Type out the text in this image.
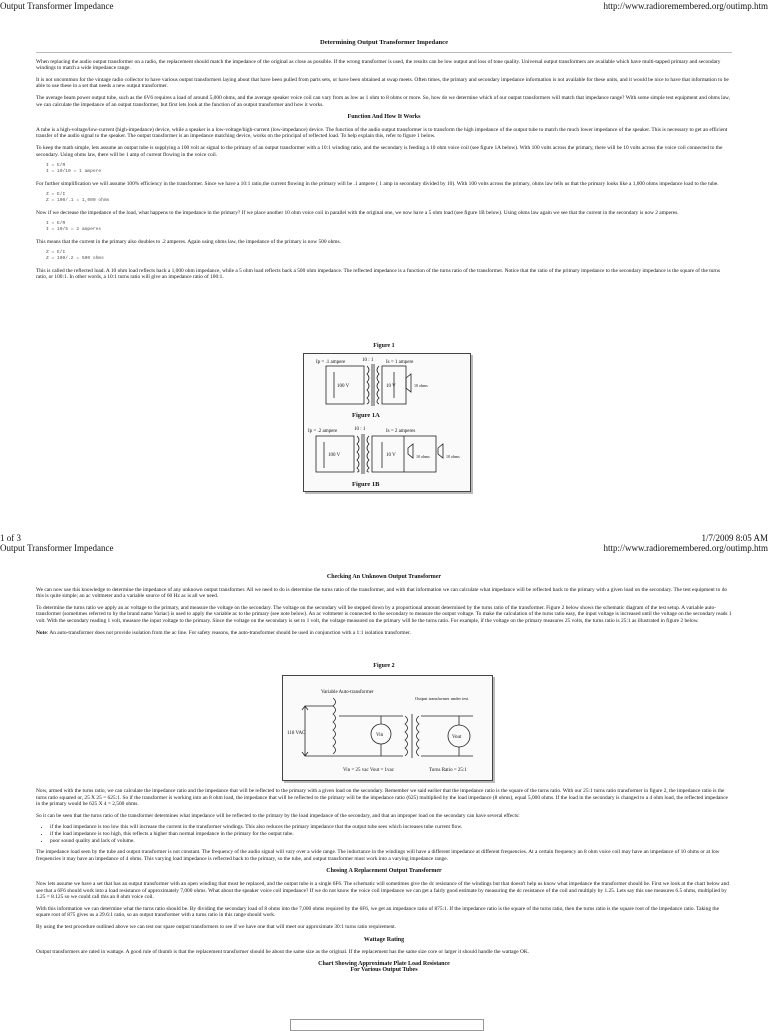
Output Transformer Impedance	http://www.radioremembered.org/outimp.htm
Determining Output Transformer Impedance

When replacing the audio output transformer on a radio, the replacement should match the impedance of the original as close as possible. If the wrong transformer is used, the results can be low output and loss of tone quality. Universal output transformers are available which have multi-tapped primary and secondary windings to match a wide impedance range.

It is not uncommon for the vintage radio collector to have various output transformers laying about that have been pulled from parts sets, or have been obtained at swap meets. Often times, the primary and secondary impedance information is not available for these units, and it would be nice to have that information to be able to use these in a set that needs a new output transformer.

The average beam power output tube, such as the 6V6 requires a load of around 5,000 ohms, and the average speaker voice coil can vary from as low as 1 ohm to 8 ohms or more. So, how do we determine which of our output transformers will match that impedance range? With some simple test equipment and ohms law, we can calculate the impedance of an output transformer, but first lets look at the function of an output transformer and how it works.

Function And How It Works

A tube is a high-voltage/low-current (high-impedance) device, while a speaker is a low-voltage/high-current (low-impedance) device. The function of the audio output transformer is to transform the high impedance of the output tube to match the much lower impedance of the speaker. This is necessary to get an efficient transfer of the audio signal to the speaker. The output transformer is an impedance matching device, works on the principal of reflected load. To help explain this, refer to figure 1 below.

To keep the math simple, lets assume an output tube is supplying a 100 volt ac signal to the primary of an output transformer with a 10:1 winding ratio, and the secondary is feeding a 10 ohm voice coil (see figure 1A below). With 100 volts across the primary, there will be 10 volts across the voice coil connected to the secondary. Using ohms law, there will be 1 amp of current flowing in the voice coil.

I = E/R
I = 10/10 = 1 ampere

For further simplification we will assume 100% efficiency in the transformer. Since we have a 10:1 ratio,the current flowing in the primary will be .1 ampere ( 1 amp in secondary divided by 10). With 100 volts across the primary, ohms law tells us that the primary looks like a 1,000 ohms impedance load to the tube.

Z = E/I
Z = 100/.1 = 1,000 ohms

Now if we decrease the impedance of the load, what happens to the impedance in the primary? If we place another 10 ohm voice coil in parallel with the original one, we now have a 5 ohm load (see figure 1B below). Using ohms law again we see that the current in the secondary is now 2 amperes.

I = E/R
I = 10/5 = 2 amperes

This means that the current in the primary also doubles to .2 amperes. Again using ohms law, the impedance of the primary is now 500 ohms.

Z = E/I
Z = 100/.2 = 500 ohms

This is called the reflected load. A 10 ohm load reflects back a 1,000 ohm impedance, while a 5 ohm load reflects back a 500 ohm impedance. The reflected impedance is a function of the turns ratio of the transformer. Notice that the ratio of the primary impedance to the secondary impedance is the square of the turns ratio, or 100:1. In other words, a 10:1 turns ratio will give an impedance ratio of 100:1.

Figure 1
Ip = .1 ampere	10 : 1	Is = 1 ampere
100 V	10 V	10 ohms
Figure 1A
Ip = .2 ampere	10 : 1	Is = 2 amperes
100 V	10 V	10 ohms	10 ohms
Figure 1B
1 of 3	1/7/2009 8:05 AM
Output Transformer Impedance	http://www.radioremembered.org/outimp.htm
Checking An Unknown Output Transformer

We can now use this knowledge to determine the impedance of any unknown output transformer. All we need to do is determine the turns ratio of the transformer, and with that information we can calculate what impedance will be reflected back to the primary with a given load on the secondary. The test equipment to do this is quite simple; an ac voltmeter and a variable source of 60 Hz ac is all we need.

To determine the turns ratio we apply an ac voltage to the primary, and measure the voltage on the secondary. The voltage on the secondary will be stepped down by a proportional amount determined by the turns ratio of the transformer. Figure 2 below shows the schematic diagram of the test setup. A variable auto-transformer (sometimes referred to by the brand name Variac) is used to apply the variable ac to the primary (see note below). An ac voltmeter is connected to the secondary to measure the output voltage. To make the calculation of the turns ratio easy, the input voltage is increased until the voltage on the secondary reads 1 volt. With the secondary reading 1 volt, measure the input voltage to the primary. Since the voltage on the secondary is set to 1 volt, the voltage measured on the primary will be the turns ratio. For example, if the voltage on the primary measures 25 volts, the turns ratio is 25:1 as illustrated in figure 2 below.

Note: An auto-transformer does not provide isolation from the ac line. For safety reasons, the auto-transformer should be used in conjunction with a 1:1 isolation transformer.

Figure 2
Variable Auto-transformer
118 VAC
Output transformer under test
Vin	Vout
Vin = 25 vac Vout = 1vac	Turns Ratio = 25:1

Now, armed with the turns ratio, we can calculate the impedance ratio and the impedance that will be reflected to the primary with a given load on the secondary. Remember we said earlier that the impedance ratio is the square of the turns ratio. With our 25:1 turns ratio transformer in figure 2, the impedance ratio is the turns ratio squared or, 25 X 25 = 625:1. So if the transformer is working into an 8 ohm load, the impedance that will be reflected to the primary will be the impedance ratio (625) multiplied by the load impedance (8 ohms), equal 5,000 ohms. If the load in the secondary is changed to a 4 ohm load, the reflected impedance in the primary would be 625 X 4 = 2,500 ohms.

So it can be seen that the turns ratio of the transformer determines what impedance will be reflected to the primary by the load impedance of the secondary, and that an improper load on the secondary can have several effects:

• if the load impedance is too low this will increase the current in the transformer windings. This also reduces the primary impedance that the output tube sees which increases tube current flow.
• if the load impedance is too high, this reflects a higher than normal impedance in the primary for the output tube.
• poor sound quality and lack of volume.

The impedance load seen by the tube and output transformer is not constant. The frequency of the audio signal will vary over a wide range. The inductance in the windings will have a different impedance at different frequencies. At a certain frequency an 8 ohm voice coil may have an impedance of 10 ohms or at low frequencies it may have an impedance of 4 ohms. This varying load impedance is reflected back to the primary, so the tube, and output transformer must work into a varying impedance range.

Chosing A Replacement Output Transformer

Now lets assume we have a set that has an output transformer with an open winding that must be replaced, and the output tube is a single 6F6. The schematic will sometimes give the dc resistance of the windings but that doesn't help us know what impedance the transformer should be. First we look at the chart below and see that a 6F6 should work into a load resistance of approximately 7,000 ohms. What about the speaker voice coil impedance? If we do not know the voice coil impedance we can get a fairly good estimate by measuring the dc resistance of the coil and multiply by 1.25. Lets say this one measures 6.5 ohms, multiplied by 1.25 = 8.125 so we could call this an 8 ohm voice coil.

With this information we can determine what the turns ratio should be. By dividing the secondary load of 8 ohms into the 7,000 ohms required by the 6F6, we get an impedance ratio of 875:1. If the impedance ratio is the square of the turns ratio, then the turns ratio is the square root of the impedance ratio. Taking the square root of 875 gives us a 29.6:1 ratio, so an output transformer with a turns ratio in this range should work.

By using the test procedure outlined above we can test our spare output transformers to see if we have one that will meet our approximate 30:1 turns ratio requirement.

Wattage Rating

Output transformers are rated in wattage. A good rule of thumb is that the replacement transformer should be about the same size as the original. If the replacement has the same size core or larger it should handle the wattage OK.

Chart Showing Approximate Plate Load Resistance
For Various Output Tubes
